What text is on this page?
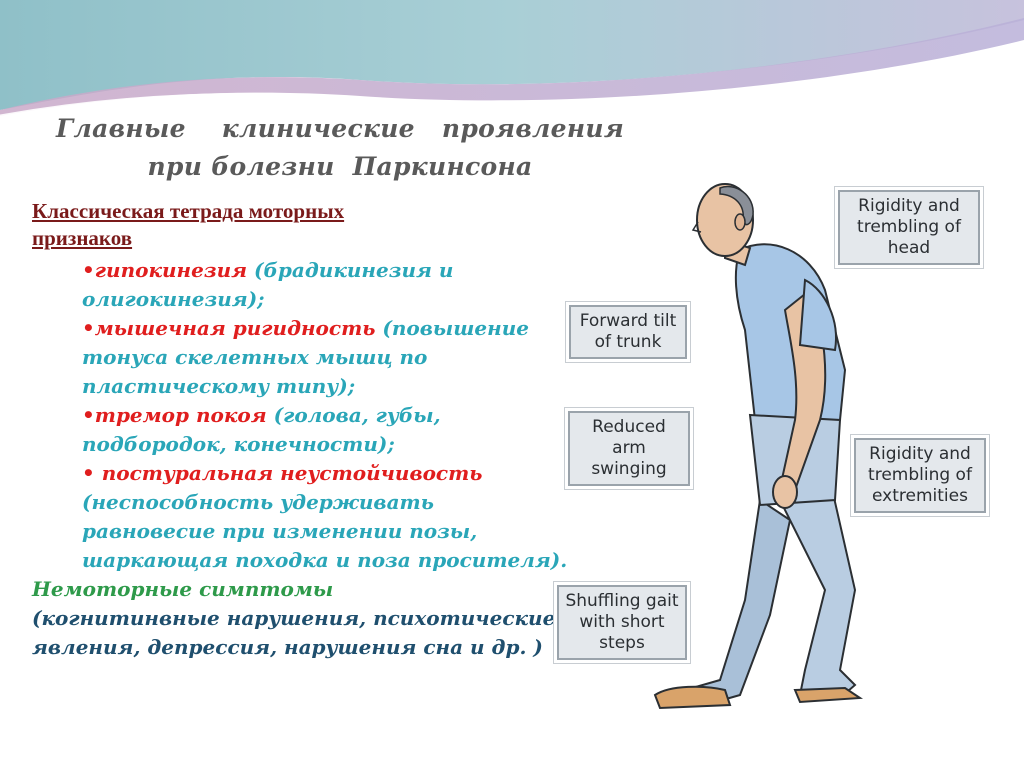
Главные    клинические   проявления
при болезни  Паркинсона
Классическая тетрада моторных
признаков
•гипокинезия (брадикинезия и олигокинезия);
•мышечная ригидность (повышение тонуса скелетных мышц по пластическому типу);
•тремор покоя (голова, губы, подбородок, конечности);
• постуральная неустойчивость (неспособность удерживать равновесие при изменении позы, шаркающая походка и поза просителя).
Немоторные симптомы
(когнитинвные нарушения, психотические явления, депрессия, нарушения сна и др. )
Rigidity and trembling of head
Forward tilt of trunk
Reduced arm swinging
Rigidity and trembling of extremities
Shuffling gait with short steps
